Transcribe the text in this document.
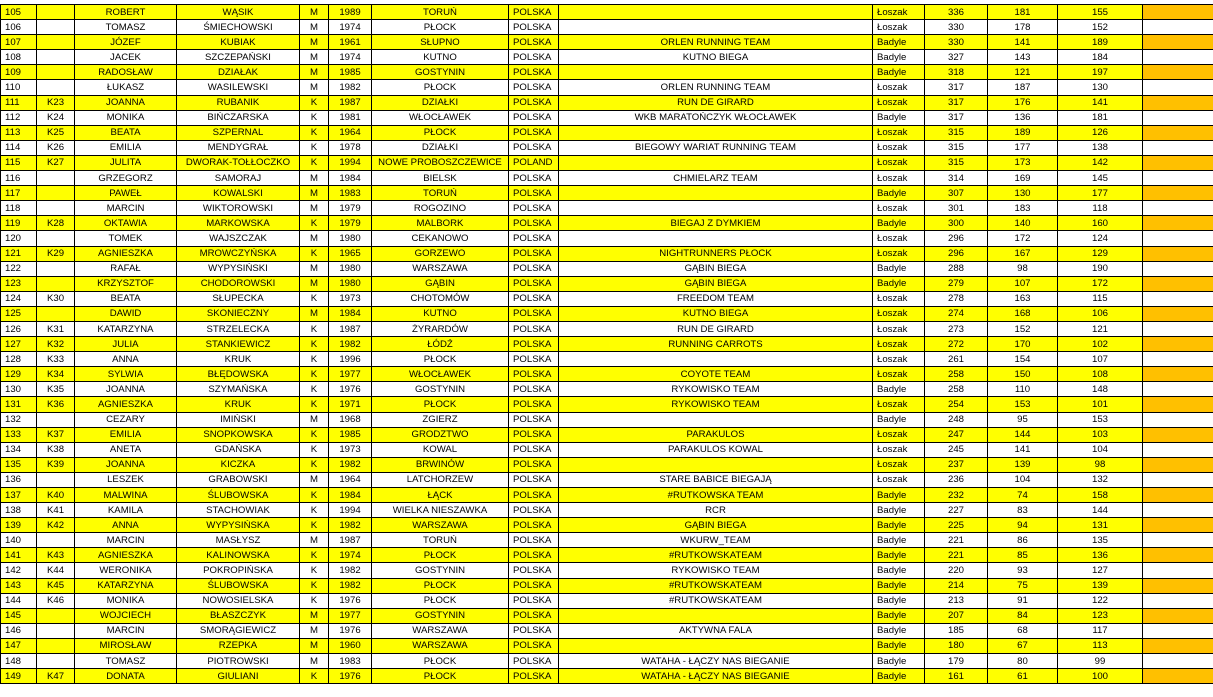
105		ROBERT	WĄSIK	M	1989	TORUŃ	POLSKA		Łoszak	336	181	155	
106		TOMASZ	ŚMIECHOWSKI	M	1974	PŁOCK	POLSKA		Łoszak	330	178	152	
107		JÓZEF	KUBIAK	M	1961	SŁUPNO	POLSKA	ORLEN RUNNING TEAM	Badyle	330	141	189	
108		JACEK	SZCZEPAŃSKI	M	1974	KUTNO	POLSKA	KUTNO BIEGA	Badyle	327	143	184	
109		RADOSŁAW	DZIAŁAK	M	1985	GOSTYNIN	POLSKA		Badyle	318	121	197	
110		ŁUKASZ	WASILEWSKI	M	1982	PŁOCK	POLSKA	ORLEN RUNNING TEAM	Łoszak	317	187	130	
111	K23	JOANNA	RUBANIK	K	1987	DZIAŁKI	POLSKA	RUN DE GIRARD	Łoszak	317	176	141	
112	K24	MONIKA	BIŃCZARSKA	K	1981	WŁOCŁAWEK	POLSKA	WKB MARATOŃCZYK WŁOCŁAWEK	Badyle	317	136	181	
113	K25	BEATA	SZPERNAL	K	1964	PŁOCK	POLSKA		Łoszak	315	189	126	
114	K26	EMILIA	MENDYGRAŁ	K	1978	DZIAŁKI	POLSKA	BIEGOWY WARIAT RUNNING TEAM	Łoszak	315	177	138	
115	K27	JULITA	DWORAK-TOŁŁOCZKO	K	1994	NOWE PROBOSZCZEWICE	POLAND		Łoszak	315	173	142	
116		GRZEGORZ	SAMORAJ	M	1984	BIELSK	POLSKA	CHMIELARZ TEAM	Łoszak	314	169	145	
117		PAWEŁ	KOWALSKI	M	1983	TORUŃ	POLSKA		Badyle	307	130	177	
118		MARCIN	WIKTOROWSKI	M	1979	ROGOZINO	POLSKA		Łoszak	301	183	118	
119	K28	OKTAWIA	MARKOWSKA	K	1979	MALBORK	POLSKA	BIEGAJ Z DYMKIEM	Badyle	300	140	160	
120		TOMEK	WAJSZCZAK	M	1980	CEKANOWO	POLSKA		Łoszak	296	172	124	
121	K29	AGNIESZKA	MROWCZYŃSKA	K	1965	GORZEWO	POLSKA	NIGHTRUNNERS PŁOCK	Łoszak	296	167	129	
122		RAFAŁ	WYPYSIŃSKI	M	1980	WARSZAWA	POLSKA	GĄBIN BIEGA	Badyle	288	98	190	
123		KRZYSZTOF	CHODOROWSKI	M	1980	GĄBIN	POLSKA	GĄBIN BIEGA	Badyle	279	107	172	
124	K30	BEATA	SŁUPECKA	K	1973	CHOTOMÓW	POLSKA	FREEDOM TEAM	Łoszak	278	163	115	
125		DAWID	SKONIECZNY	M	1984	KUTNO	POLSKA	KUTNO BIEGA	Łoszak	274	168	106	
126	K31	KATARZYNA	STRZELECKA	K	1987	ŻYRARDÓW	POLSKA	RUN DE GIRARD	Łoszak	273	152	121	
127	K32	JULIA	STANKIEWICZ	K	1982	ŁÓDŹ	POLSKA	RUNNING CARROTS	Łoszak	272	170	102	
128	K33	ANNA	KRUK	K	1996	PŁOCK	POLSKA		Łoszak	261	154	107	
129	K34	SYLWIA	BŁĘDOWSKA	K	1977	WŁOCŁAWEK	POLSKA	COYOTE TEAM	Łoszak	258	150	108	
130	K35	JOANNA	SZYMAŃSKA	K	1976	GOSTYNIN	POLSKA	RYKOWISKO TEAM	Badyle	258	110	148	
131	K36	AGNIESZKA	KRUK	K	1971	PŁOCK	POLSKA	RYKOWISKO TEAM	Łoszak	254	153	101	
132		CEZARY	IMIŃSKI	M	1968	ZGIERZ	POLSKA		Badyle	248	95	153	
133	K37	EMILIA	SNOPKOWSKA	K	1985	GRODZTWO	POLSKA	PARAKULOS	Łoszak	247	144	103	
134	K38	ANETA	GDAŃSKA	K	1973	KOWAL	POLSKA	PARAKULOS KOWAL	Łoszak	245	141	104	
135	K39	JOANNA	KICZKA	K	1982	BRWINÓW	POLSKA		Łoszak	237	139	98	
136		LESZEK	GRABOWSKI	M	1964	LATCHORZEW	POLSKA	STARE BABICE BIEGAJĄ	Łoszak	236	104	132	
137	K40	MALWINA	ŚLUBOWSKA	K	1984	ŁĄCK	POLSKA	#RUTKOWSKA TEAM	Badyle	232	74	158	
138	K41	KAMILA	STACHOWIAK	K	1994	WIELKA NIESZAWKA	POLSKA	RCR	Badyle	227	83	144	
139	K42	ANNA	WYPYSIŃSKA	K	1982	WARSZAWA	POLSKA	GĄBIN BIEGA	Badyle	225	94	131	
140		MARCIN	MASŁYSZ	M	1987	TORUŃ	POLSKA	WKURW_TEAM	Badyle	221	86	135	
141	K43	AGNIESZKA	KALINOWSKA	K	1974	PŁOCK	POLSKA	#RUTKOWSKATEAM	Badyle	221	85	136	
142	K44	WERONIKA	POKROPIŃSKA	K	1982	GOSTYNIN	POLSKA	RYKOWISKO TEAM	Badyle	220	93	127	
143	K45	KATARZYNA	ŚLUBOWSKA	K	1982	PŁOCK	POLSKA	#RUTKOWSKATEAM	Badyle	214	75	139	
144	K46	MONIKA	NOWOSIELSKA	K	1976	PŁOCK	POLSKA	#RUTKOWSKATEAM	Badyle	213	91	122	
145		WOJCIECH	BŁASZCZYK	M	1977	GOSTYNIN	POLSKA		Badyle	207	84	123	
146		MARCIN	SMORĄGIEWICZ	M	1976	WARSZAWA	POLSKA	AKTYWNA FALA	Badyle	185	68	117	
147		MIROSŁAW	RZEPKA	M	1960	WARSZAWA	POLSKA		Badyle	180	67	113	
148		TOMASZ	PIOTROWSKI	M	1983	PŁOCK	POLSKA	WATAHA - ŁĄCZY NAS BIEGANIE	Badyle	179	80	99	
149	K47	DONATA	GIULIANI	K	1976	PŁOCK	POLSKA	WATAHA - ŁĄCZY NAS BIEGANIE	Badyle	161	61	100	
